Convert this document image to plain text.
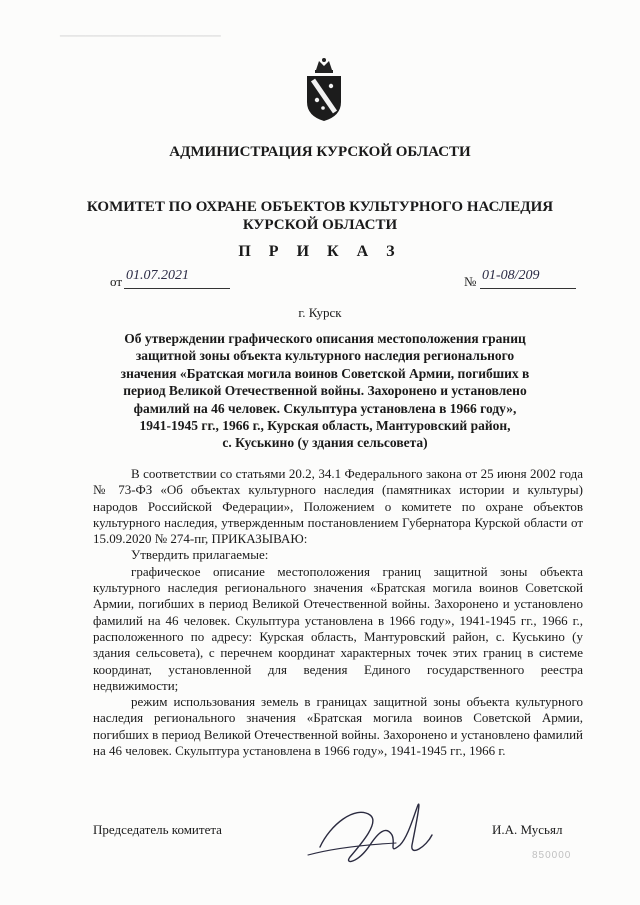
▁▁▁▁▁▁▁▁▁▁▁▁▁▁▁▁▁▁▁
АДМИНИСТРАЦИЯ КУРСКОЙ ОБЛАСТИ
КОМИТЕТ ПО ОХРАНЕ ОБЪЕКТОВ КУЛЬТУРНОГО НАСЛЕДИЯ
КУРСКОЙ ОБЛАСТИ
П Р И К А З
от 01.07.2021	№ 01-08/209
г. Курск
Об утверждении графического описания местоположения границ
защитной зоны объекта культурного наследия регионального
значения «Братская могила воинов Советской Армии, погибших в
период Великой Отечественной войны. Захоронено и установлено
фамилий на 46 человек. Скульптура установлена в 1966 году»,
1941-1945 гг., 1966 г., Курская область, Мантуровский район,
с. Куськино (у здания сельсовета)

В соответствии со статьями 20.2, 34.1 Федерального закона от 25 июня 2002 года № 73-ФЗ «Об объектах культурного наследия (памятниках истории и культуры) народов Российской Федерации», Положением о комитете по охране объектов культурного наследия, утвержденным постановлением Губернатора Курской области от 15.09.2020 № 274-пг, ПРИКАЗЫВАЮ:

Утвердить прилагаемые:

графическое описание местоположения границ защитной зоны объекта культурного наследия регионального значения «Братская могила воинов Советской Армии, погибших в период Великой Отечественной войны. Захоронено и установлено фамилий на 46 человек. Скульптура установлена в 1966 году», 1941-1945 гг., 1966 г., расположенного по адресу: Курская область, Мантуровский район, с. Куськино (у здания сельсовета), с перечнем координат характерных точек этих границ в системе координат, установленной для ведения Единого государственного реестра недвижимости;

режим использования земель в границах защитной зоны объекта культурного наследия регионального значения «Братская могила воинов Советской Армии, погибших в период Великой Отечественной войны. Захоронено и установлено фамилий на 46 человек. Скульптура установлена в 1966 году», 1941-1945 гг., 1966 г.

Председатель комитета	И.А. Мусьял
850000
